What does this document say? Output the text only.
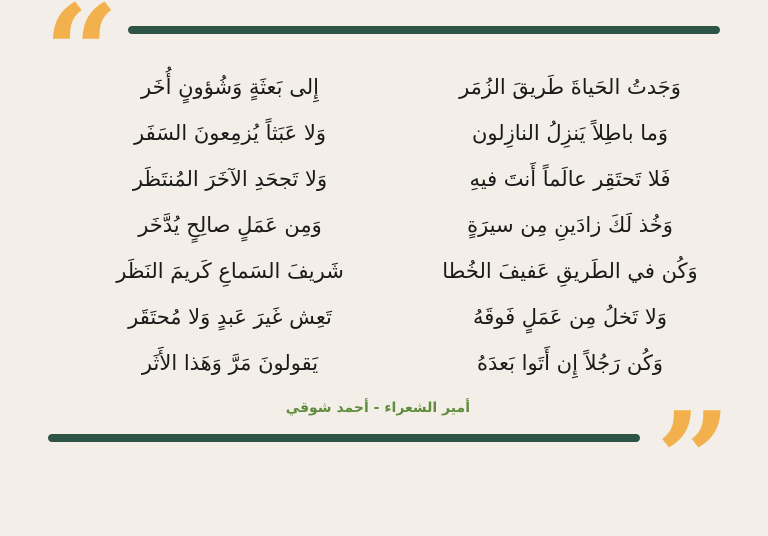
“	وَجَدتُ الحَياةَ طَريقَ الزُمَر
إِلى بَعثَةٍ وَشُؤونٍ أُخَر
وَما باطِلاً يَنزِلُ النازِلون
وَلا عَبَثاً يُزمِعونَ السَفَر
فَلا تَحتَقِر عالَماً أَنتَ فيهِ
وَلا تَجحَدِ الآخَرَ المُنتَظَر
وَخُذ لَكَ زادَينِ مِن سيرَةٍ
وَمِن عَمَلٍ صالِحٍ يُدَّخَر
وَكُن في الطَريقِ عَفيفَ الخُطا
شَريفَ السَماعِ كَريمَ النَظَر
وَلا تَخلُ مِن عَمَلٍ فَوقَهُ
تَعِش غَيرَ عَبدٍ وَلا مُحتَقَر
وَكُن رَجُلاً إِن أَتَوا بَعدَهُ
يَقولونَ مَرَّ وَهَذا الأَثَر
أمير الشعراء - أحمد شوقي ”
